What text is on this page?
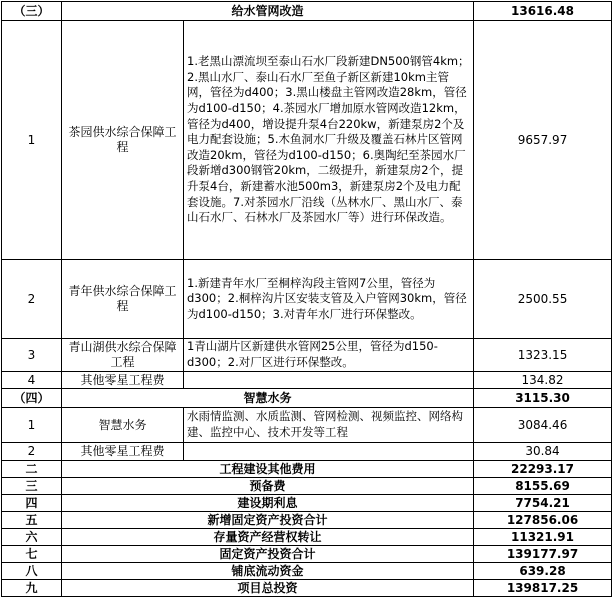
（三）	给水管网改造		13616.48
1	茶园供水综合保障工程	1.老黑山漂流坝至泰山石水厂段新建DN500钢管4km；2.黑山水厂、泰山石水厂至鱼子新区新建10km主管网，管径为d400；3.黑山楼盘主管网改造28km，管径为d100-d150；4.茶园水厂增加原水管网改造12km，管径为d400，增设提升泵4台220kw，新建泵房2个及电力配套设施；5.木鱼洞水厂升级及覆盖石林片区管网改造20km，管径为d100-d150；6.奥陶纪至茶园水厂段新增d300钢管20km，二级提升，新建泵房2个，提升泵4台，新建蓄水池500m3，新建泵房2个及电力配套设施。7.对茶园水厂沿线（丛林水厂、黑山水厂、泰山石水厂、石林水厂及茶园水厂等）进行环保改造。	9657.97
2	青年供水综合保障工程	1.新建青年水厂至桐梓沟段主管网7公里，管径为d300；2.桐梓沟片区安装支管及入户管网30km，管径为d100-d150；3.对青年水厂进行环保整改。	2500.55
3	青山湖供水综合保障工程	1青山湖片区新建供水管网25公里，管径为d150-d300；2.对厂区进行环保整改。	1323.15
4	其他零星工程费		134.82
（四）	智慧水务		3115.30
1	智慧水务	水雨情监测、水质监测、管网检测、视频监控、网络构建、监控中心、技术开发等工程	3084.46
2	其他零星工程费		30.84
二	工程建设其他费用		22293.17
三	预备费		8155.69
四	建设期利息		7754.21
五	新增固定资产投资合计		127856.06
六	存量资产经营权转让		11321.91
七	固定资产投资合计		139177.97
八	铺底流动资金		639.28
九	项目总投资		139817.25
